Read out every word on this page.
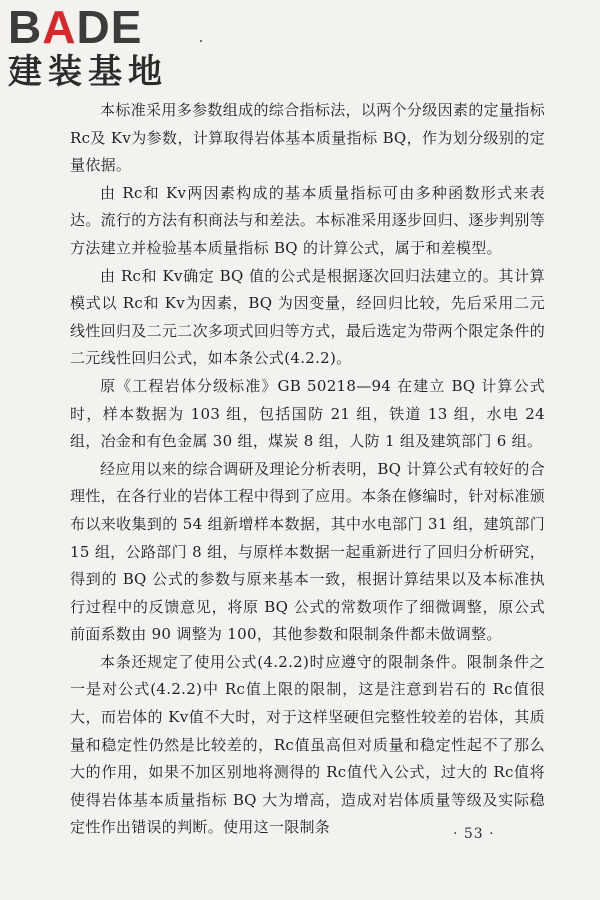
BADE
建装基地

本标准采用多参数组成的综合指标法，以两个分级因素的定量指标 Rc及 Kv为参数，计算取得岩体基本质量指标 BQ，作为划分级别的定量依据。

由 Rc和 Kv两因素构成的基本质量指标可由多种函数形式来表达。流行的方法有积商法与和差法。本标准采用逐步回归、逐步判别等方法建立并检验基本质量指标 BQ 的计算公式，属于和差模型。

由 Rc和 Kv确定 BQ 值的公式是根据逐次回归法建立的。其计算模式以 Rc和 Kv为因素，BQ 为因变量，经回归比较，先后采用二元线性回归及二元二次多项式回归等方式，最后选定为带两个限定条件的二元线性回归公式，如本条公式(4.2.2)。

原《工程岩体分级标准》GB 50218—94 在建立 BQ 计算公式时，样本数据为 103 组，包括国防 21 组，铁道 13 组，水电 24 组，冶金和有色金属 30 组，煤炭 8 组，人防 1 组及建筑部门 6 组。

经应用以来的综合调研及理论分析表明，BQ 计算公式有较好的合理性，在各行业的岩体工程中得到了应用。本条在修编时，针对标准颁布以来收集到的 54 组新增样本数据，其中水电部门 31 组，建筑部门 15 组，公路部门 8 组，与原样本数据一起重新进行了回归分析研究，得到的 BQ 公式的参数与原来基本一致，根据计算结果以及本标准执行过程中的反馈意见，将原 BQ 公式的常数项作了细微调整，原公式前面系数由 90 调整为 100，其他参数和限制条件都未做调整。

本条还规定了使用公式(4.2.2)时应遵守的限制条件。限制条件之一是对公式(4.2.2)中 Rc值上限的限制，这是注意到岩石的 Rc值很大，而岩体的 Kv值不大时，对于这样坚硬但完整性较差的岩体，其质量和稳定性仍然是比较差的，Rc值虽高但对质量和稳定性起不了那么大的作用，如果不加区别地将测得的 Rc值代入公式，过大的 Rc值将使得岩体基本质量指标 BQ 大为增高，造成对岩体质量等级及实际稳定性作出错误的判断。使用这一限制条	· 53 ·
